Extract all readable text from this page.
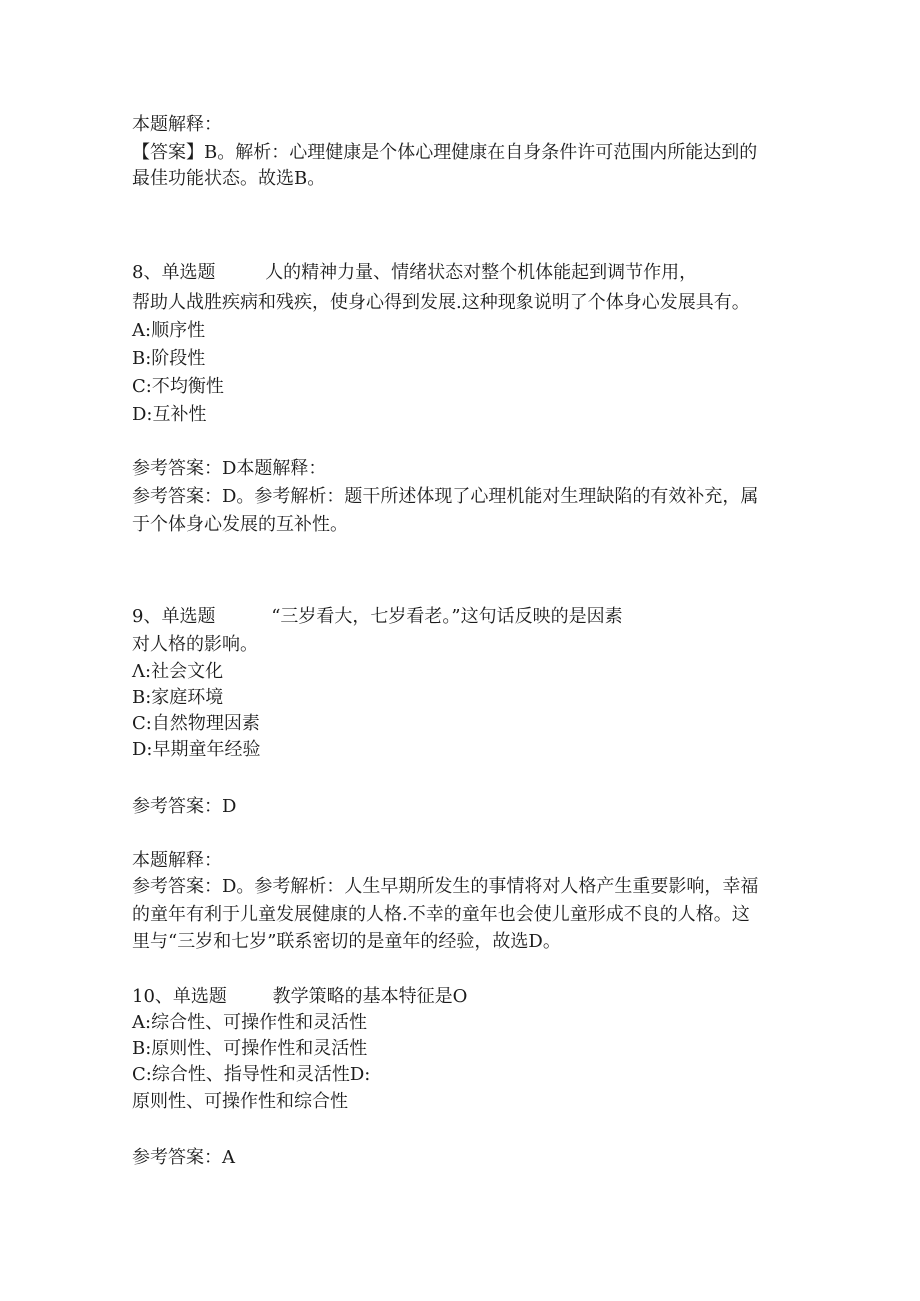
本题解释：
【答案】B。解析：心理健康是个体心理健康在自身条件许可范围内所能达到的
最佳功能状态。故选B。
8、单选题	人的精神力量、情绪状态对整个机体能起到调节作用，
帮助人战胜疾病和残疾，使身心得到发展.这种现象说明了个体身心发展具有。
A:顺序性
B:阶段性
C:不均衡性
D:互补性
参考答案：D本题解释：
参考答案：D。参考解析：题干所述体现了心理机能对生理缺陷的有效补充，属
于个体身心发展的互补性。
9、单选题	“三岁看大，七岁看老。”这句话反映的是因素
对人格的影响。
Λ:社会文化
B:家庭环境
C:自然物理因素
D:早期童年经验
参考答案：D
本题解释：
参考答案：D。参考解析：人生早期所发生的事情将对人格产生重要影响，幸福
的童年有利于儿童发展健康的人格.不幸的童年也会使儿童形成不良的人格。这
里与“三岁和七岁”联系密切的是童年的经验，故选D。
10、单选题	教学策略的基本特征是O
A:综合性、可操作性和灵活性
B:原则性、可操作性和灵活性
C:综合性、指导性和灵活性D:
原则性、可操作性和综合性
参考答案：A
